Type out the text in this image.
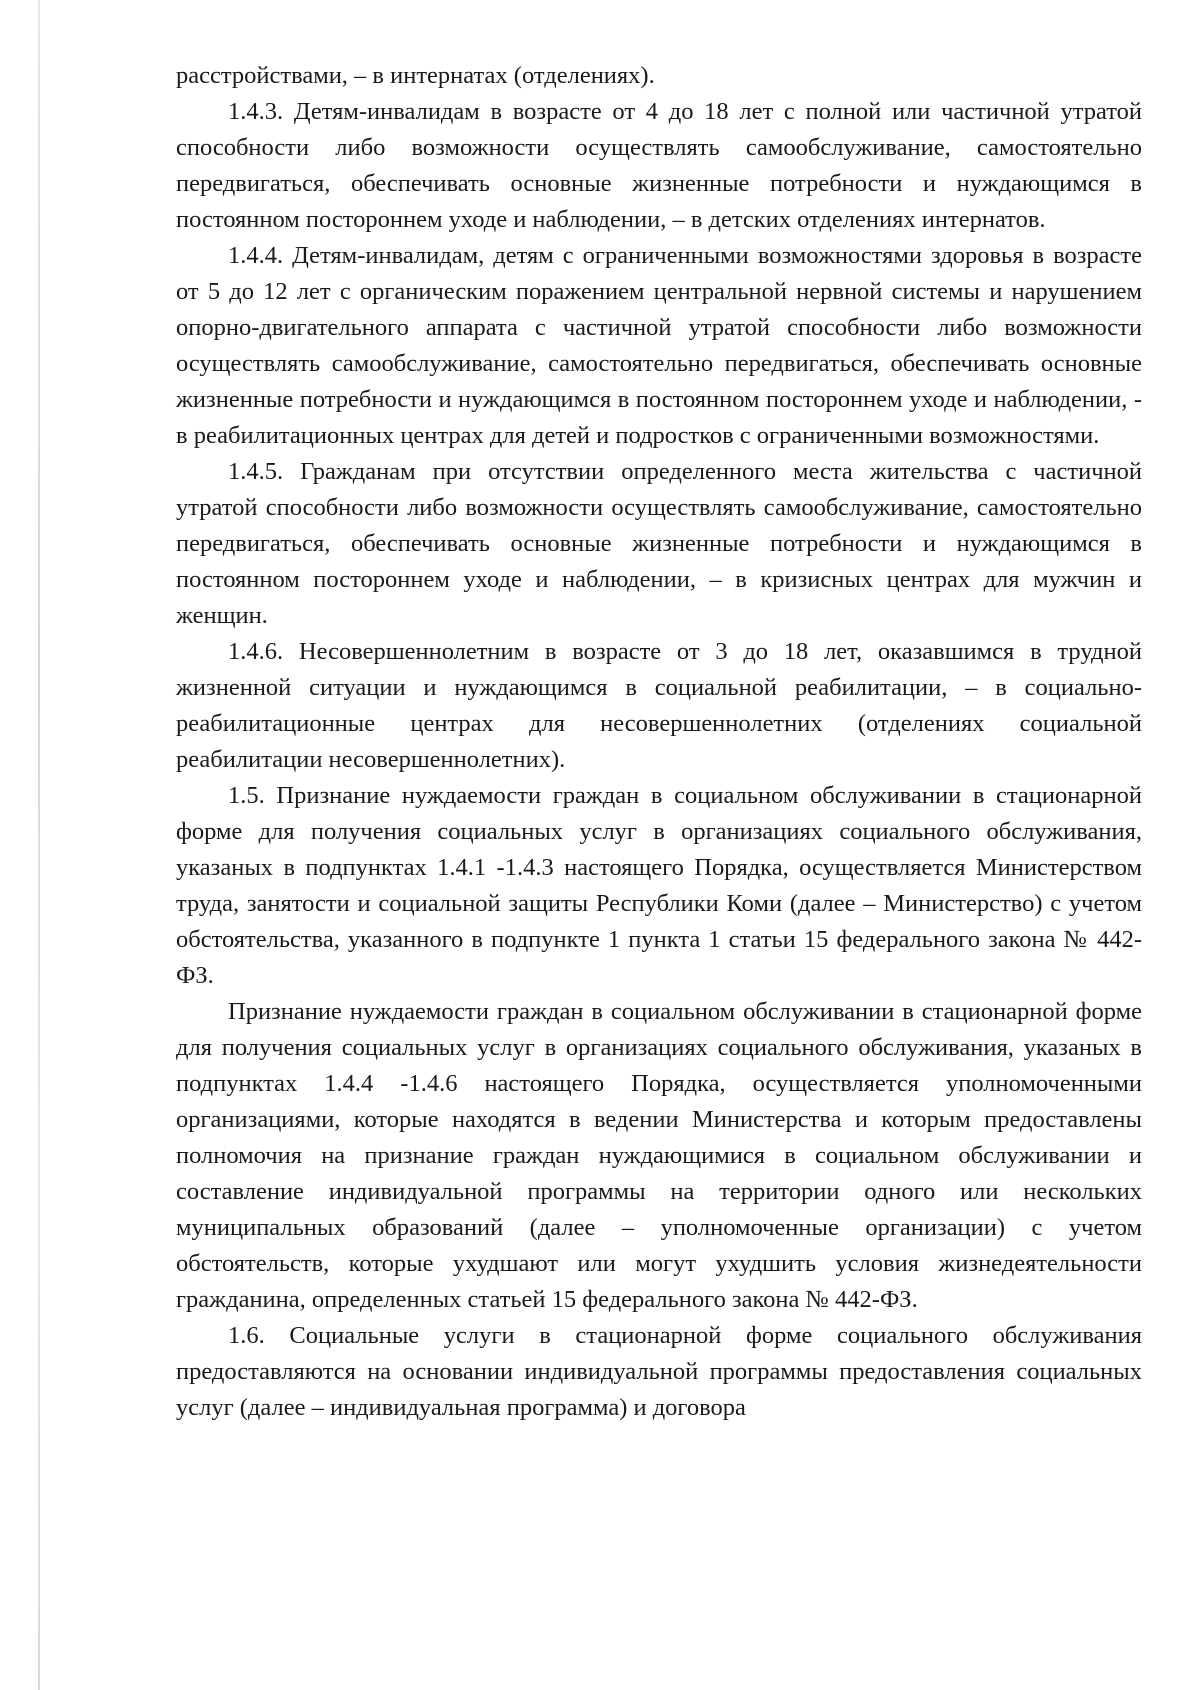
расстройствами, – в интернатах (отделениях).

1.4.3. Детям-инвалидам в возрасте от 4 до 18 лет с полной или частичной утратой способности либо возможности осуществлять самообслуживание, самостоятельно передвигаться, обеспечивать основные жизненные потребности и нуждающимся в постоянном постороннем уходе и наблюдении, – в детских отделениях интернатов.

1.4.4. Детям-инвалидам, детям с ограниченными возможностями здоровья в возрасте от 5 до 12 лет с органическим поражением центральной нервной системы и нарушением опорно-двигательного аппарата с частичной утратой способности либо возможности осуществлять самообслуживание, самостоятельно передвигаться, обеспечивать основные жизненные потребности и нуждающимся в постоянном постороннем уходе и наблюдении, - в реабилитационных центрах для детей и подростков с ограниченными возможностями.

1.4.5. Гражданам при отсутствии определенного места жительства с частичной утратой способности либо возможности осуществлять самообслуживание, самостоятельно передвигаться, обеспечивать основные жизненные потребности и нуждающимся в постоянном постороннем уходе и наблюдении, – в кризисных центрах для мужчин и женщин.

1.4.6. Несовершеннолетним в возрасте от 3 до 18 лет, оказавшимся в трудной жизненной ситуации и нуждающимся в социальной реабилитации, – в социально-реабилитационные центрах для несовершеннолетних (отделениях социальной реабилитации несовершеннолетних).

1.5. Признание нуждаемости граждан в социальном обслуживании в стационарной форме для получения социальных услуг в организациях социального обслуживания, указаных в подпунктах 1.4.1 -1.4.3 настоящего Порядка, осуществляется Министерством труда, занятости и социальной защиты Республики Коми (далее – Министерство) с учетом обстоятельства, указанного в подпункте 1 пункта 1 статьи 15 федерального закона № 442-ФЗ.

Признание нуждаемости граждан в социальном обслуживании в стационарной форме для получения социальных услуг в организациях социального обслуживания, указаных в подпунктах 1.4.4 -1.4.6 настоящего Порядка, осуществляется уполномоченными организациями, которые находятся в ведении Министерства и которым предоставлены полномочия на признание граждан нуждающимися в социальном обслуживании и составление индивидуальной программы на территории одного или нескольких муниципальных образований (далее – уполномоченные организации) с учетом обстоятельств, которые ухудшают или могут ухудшить условия жизнедеятельности гражданина, определенных статьей 15 федерального закона № 442-ФЗ.

1.6. Социальные услуги в стационарной форме социального обслуживания предоставляются на основании индивидуальной программы предоставления социальных услуг (далее – индивидуальная программа) и договора
